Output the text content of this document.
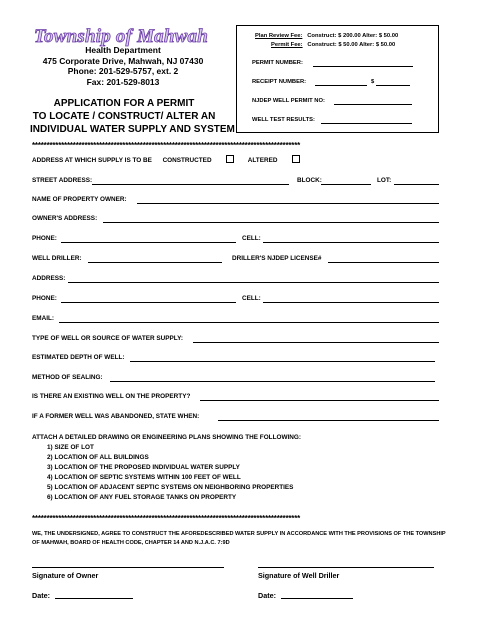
Township of Mahwah
Health Department
475 Corporate Drive, Mahwah, NJ 07430
Phone: 201-529-5757, ext. 2
Fax: 201-529-8013
APPLICATION FOR A PERMIT
TO LOCATE / CONSTRUCT/ ALTER AN
INDIVIDUAL WATER SUPPLY AND SYSTEM
Plan Review Fee: Construct: $ 200.00 Alter: $ 50.00
Permit Fee: Construct: $ 50.00 Alter: $ 50.00
PERMIT NUMBER:
RECEIPT NUMBER:	$
NJDEP WELL PERMIT NO:
WELL TEST RESULTS:
********************************************************************************************
ADDRESS AT WHICH SUPPLY IS TO BE CONSTRUCTED	ALTERED
STREET ADDRESS:	BLOCK:	LOT:
NAME OF PROPERTY OWNER:
OWNER'S ADDRESS:
PHONE:	CELL:
WELL DRILLER:	DRILLER'S NJDEP LICENSE#
ADDRESS:
PHONE:	CELL:
EMAIL:
TYPE OF WELL OR SOURCE OF WATER SUPPLY:
ESTIMATED DEPTH OF WELL:
METHOD OF SEALING:
IS THERE AN EXISTING WELL ON THE PROPERTY?
IF A FORMER WELL WAS ABANDONED, STATE WHEN:
ATTACH A DETAILED DRAWING OR ENGINEERING PLANS SHOWING THE FOLLOWING:
1) SIZE OF LOT
2) LOCATION OF ALL BUILDINGS
3) LOCATION OF THE PROPOSED INDIVIDUAL WATER SUPPLY
4) LOCATION OF SEPTIC SYSTEMS WITHIN 100 FEET OF WELL
5) LOCATION OF ADJACENT SEPTIC SYSTEMS ON NEIGHBORING PROPERTIES
6) LOCATION OF ANY FUEL STORAGE TANKS ON PROPERTY
********************************************************************************************
WE, THE UNDERSIGNED, AGREE TO CONSTRUCT THE AFOREDESCRIBED WATER SUPPLY IN ACCORDANCE WITH THE PROVISIONS OF THE TOWNSHIP
OF MAHWAH, BOARD OF HEALTH CODE, CHAPTER 14 AND N.J.A.C. 7:9D
Signature of Owner	Signature of Well Driller
Date:	Date:
